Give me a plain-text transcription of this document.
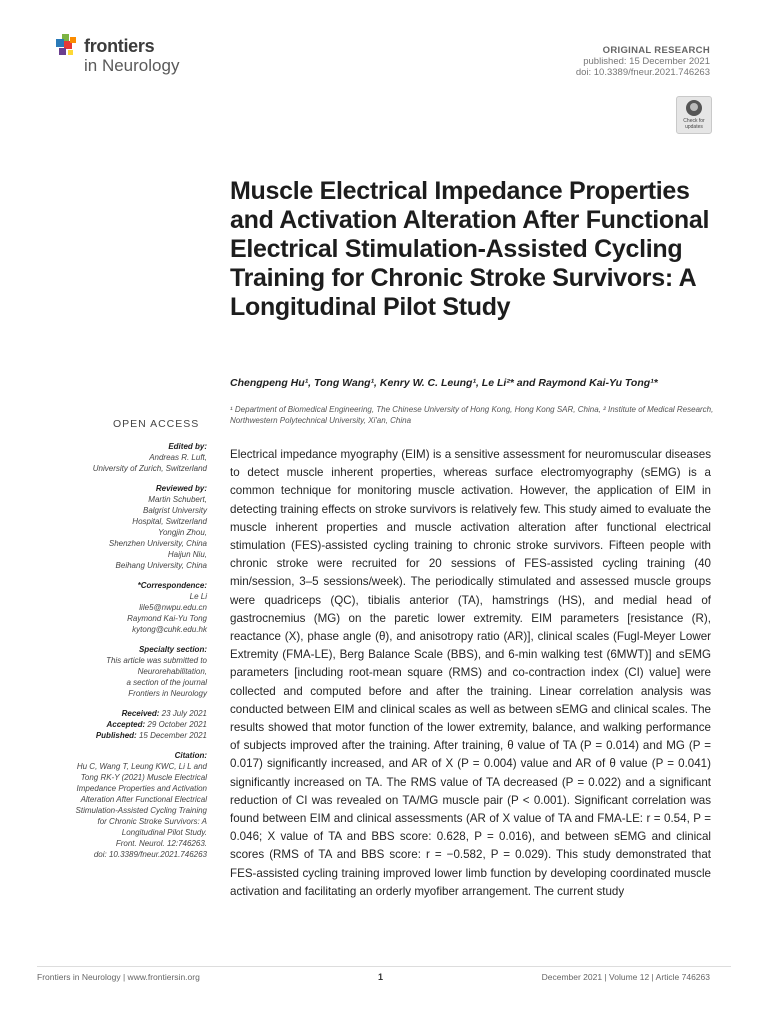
frontiers
in Neurology
ORIGINAL RESEARCH
published: 15 December 2021
doi: 10.3389/fneur.2021.746263
Check for updates
Muscle Electrical Impedance Properties and Activation Alteration After Functional Electrical Stimulation-Assisted Cycling Training for Chronic Stroke Survivors: A Longitudinal Pilot Study
Chengpeng Hu¹, Tong Wang¹, Kenry W. C. Leung¹, Le Li²* and Raymond Kai-Yu Tong¹*
¹ Department of Biomedical Engineering, The Chinese University of Hong Kong, Hong Kong SAR, China, ² Institute of Medical Research, Northwestern Polytechnical University, Xi'an, China
OPEN ACCESS
Edited by:
Andreas R. Luft,
University of Zurich, Switzerland
Reviewed by:
Martin Schubert,
Balgrist University
Hospital, Switzerland
Yongjin Zhou,
Shenzhen University, China
Haijun Niu,
Beihang University, China
*Correspondence:
Le Li
lile5@nwpu.edu.cn
Raymond Kai-Yu Tong
kytong@cuhk.edu.hk
Specialty section:
This article was submitted to
Neurorehabilitation,
a section of the journal
Frontiers in Neurology
Received: 23 July 2021
Accepted: 29 October 2021
Published: 15 December 2021
Citation:
Hu C, Wang T, Leung KWC, Li L and
Tong RK-Y (2021) Muscle Electrical
Impedance Properties and Activation
Alteration After Functional Electrical
Stimulation-Assisted Cycling Training
for Chronic Stroke Survivors: A
Longitudinal Pilot Study.
Front. Neurol. 12:746263.
doi: 10.3389/fneur.2021.746263
Electrical impedance myography (EIM) is a sensitive assessment for neuromuscular diseases to detect muscle inherent properties, whereas surface electromyography (sEMG) is a common technique for monitoring muscle activation. However, the application of EIM in detecting training effects on stroke survivors is relatively few. This study aimed to evaluate the muscle inherent properties and muscle activation alteration after functional electrical stimulation (FES)-assisted cycling training to chronic stroke survivors. Fifteen people with chronic stroke were recruited for 20 sessions of FES-assisted cycling training (40 min/session, 3–5 sessions/week). The periodically stimulated and assessed muscle groups were quadriceps (QC), tibialis anterior (TA), hamstrings (HS), and medial head of gastrocnemius (MG) on the paretic lower extremity. EIM parameters [resistance (R), reactance (X), phase angle (θ), and anisotropy ratio (AR)], clinical scales (Fugl-Meyer Lower Extremity (FMA-LE), Berg Balance Scale (BBS), and 6-min walking test (6MWT)] and sEMG parameters [including root-mean square (RMS) and co-contraction index (CI) value] were collected and computed before and after the training. Linear correlation analysis was conducted between EIM and clinical scales as well as between sEMG and clinical scales. The results showed that motor function of the lower extremity, balance, and walking performance of subjects improved after the training. After training, θ value of TA (P = 0.014) and MG (P = 0.017) significantly increased, and AR of X (P = 0.004) value and AR of θ value (P = 0.041) significantly increased on TA. The RMS value of TA decreased (P = 0.022) and a significant reduction of CI was revealed on TA/MG muscle pair (P < 0.001). Significant correlation was found between EIM and clinical assessments (AR of X value of TA and FMA-LE: r = 0.54, P = 0.046; X value of TA and BBS score: 0.628, P = 0.016), and between sEMG and clinical scores (RMS of TA and BBS score: r = −0.582, P = 0.029). This study demonstrated that FES-assisted cycling training improved lower limb function by developing coordinated muscle activation and facilitating an orderly myofiber arrangement. The current study
Frontiers in Neurology | www.frontiersin.org	1	December 2021 | Volume 12 | Article 746263
